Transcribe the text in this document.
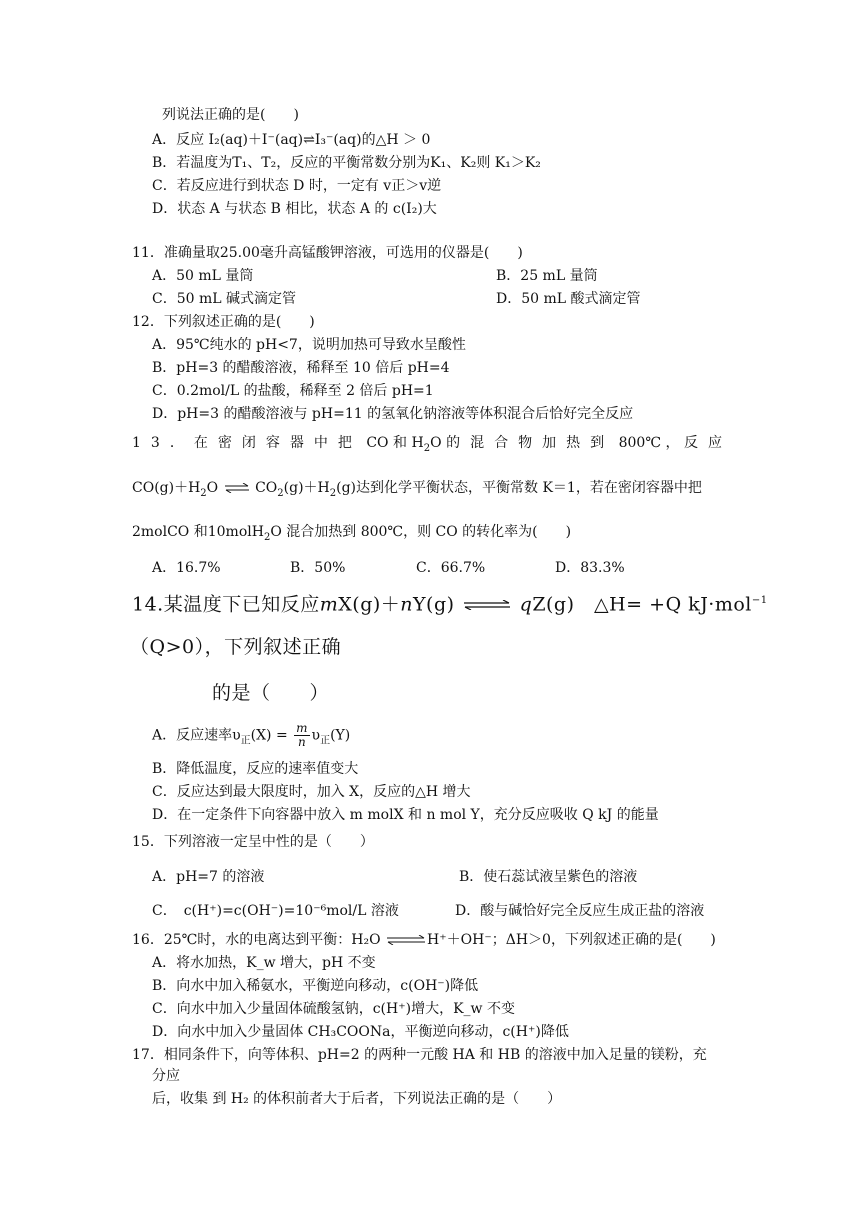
列说法正确的是(　　)
A．反应 I₂(aq)＋I⁻(aq)⇌I₃⁻(aq)的△H ＞ 0
B．若温度为T₁、T₂，反应的平衡常数分别为K₁、K₂则 K₁＞K₂
C．若反应进行到状态 D 时，一定有 v正＞v逆
D．状态 A 与状态 B 相比，状态 A 的 c(I₂)大
11．准确量取25.00毫升高锰酸钾溶液，可选用的仪器是(　　)
A．50 mL 量筒	B．25 mL 量筒
C．50 mL 碱式滴定管	D．50 mL 酸式滴定管
12．下列叙述正确的是(　　)
A．95℃纯水的 pH<7，说明加热可导致水呈酸性
B．pH=3 的醋酸溶液，稀释至 10 倍后 pH=4
C．0.2mol/L 的盐酸，稀释至 2 倍后 pH=1
D．pH=3 的醋酸溶液与 pH=11 的氢氧化钠溶液等体积混合后恰好完全反应
13．在密闭容器中把 CO 和 $H_2O$ 的混合物加热到 800℃ ， 反应
$CO(g)+H_2O$ ⇌ $CO_2(g)+H_2(g)$达到化学平衡状态，平衡常数 K＝1，若在密闭容器中把
2molCO 和10molH$_2$O 混合加热到 800℃，则 CO 的转化率为(　　)
A．16.7%	B．50%	C．66.7%	D．83.3%
14.某温度下已知反应mX(g)＋nY(g) ⇌ qZ(g)　△H= +Q kJ·mol$^{-1}$
（Q>0），下列叙述正确
的是（　　）
A．反应速率$\upsilon_正(X) = \frac{m}{n} \upsilon_正(Y)$
B．降低温度，反应的速率值变大
C．反应达到最大限度时，加入 X，反应的△H 增大
D．在一定条件下向容器中放入 m molX 和 n mol Y，充分反应吸收 Q kJ 的能量
15．下列溶液一定呈中性的是（　　）
A．pH=7 的溶液	B．使石蕊试液呈紫色的溶液
C．　c(H⁺)=c(OH⁻)=10⁻⁶mol/L 溶液	D．酸与碱恰好完全反应生成正盐的溶液
16．25℃时，水的电离达到平衡：H₂O	H⁺＋OH⁻；ΔH＞0，下列叙述正确的是(　　)
A．将水加热，K_w 增大，pH 不变
B．向水中加入稀氨水，平衡逆向移动，c(OH⁻)降低
C．向水中加入少量固体硫酸氢钠，c(H⁺)增大，K_w 不变
D．向水中加入少量固体 CH₃COONa，平衡逆向移动，c(H⁺)降低
17．相同条件下，向等体积、pH=2 的两种一元酸 HA 和 HB 的溶液中加入足量的镁粉，充
分应
后，收集 到 H₂ 的体积前者大于后者，下列说法正确的是（　　）
